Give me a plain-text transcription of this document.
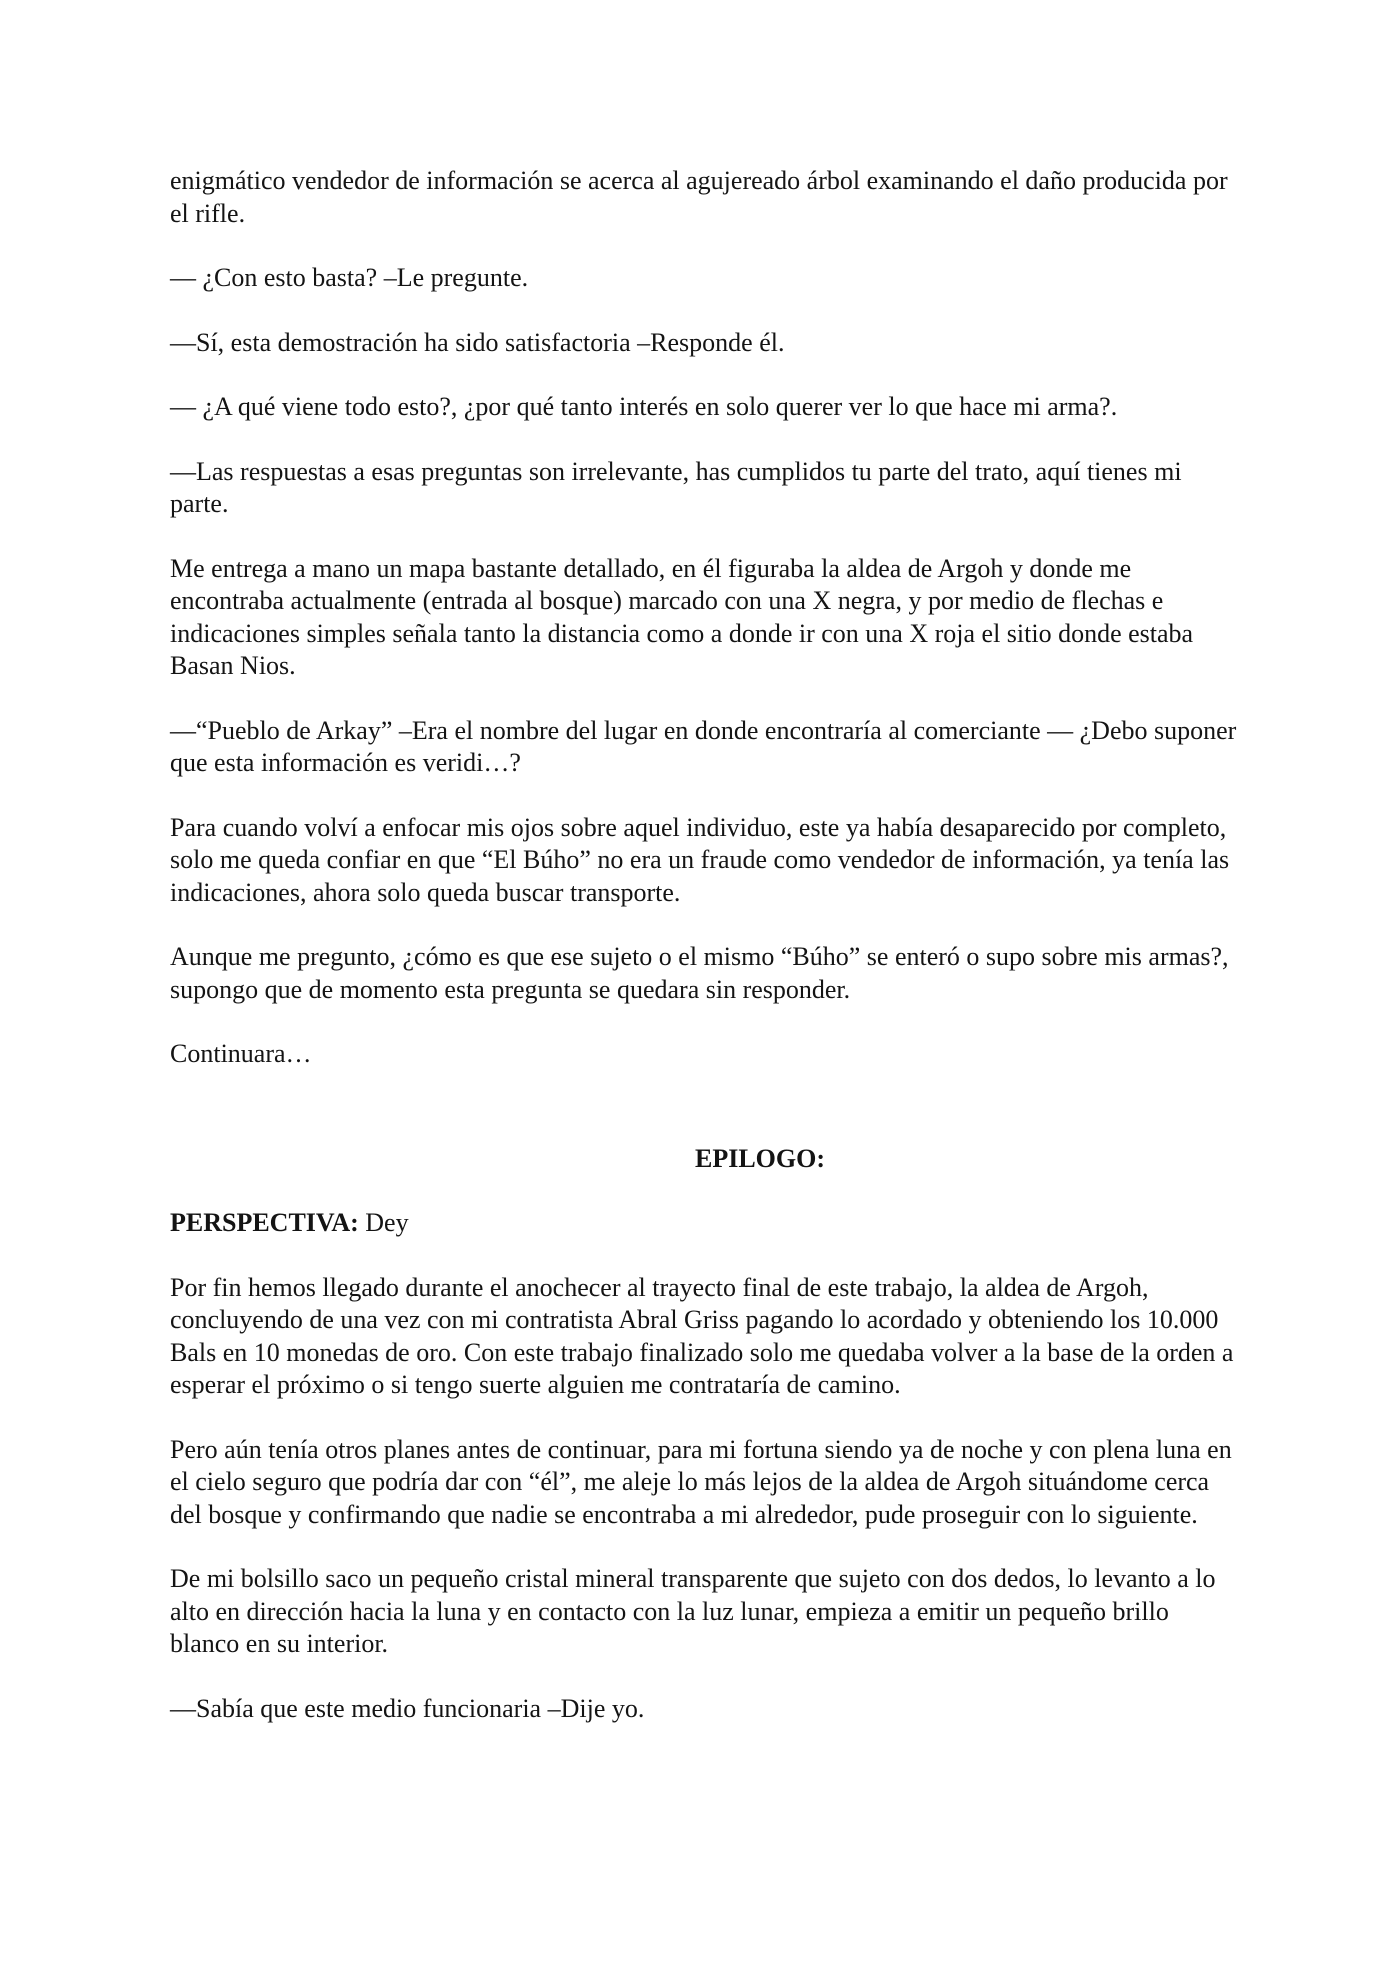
enigmático vendedor de información se acerca al agujereado árbol examinando el daño producida por el rifle.

— ¿Con esto basta? –Le pregunte.

—Sí, esta demostración ha sido satisfactoria –Responde él.

— ¿A qué viene todo esto?, ¿por qué tanto interés en solo querer ver lo que hace mi arma?.

—Las respuestas a esas preguntas son irrelevante, has cumplidos tu parte del trato, aquí tienes mi parte.

Me entrega a mano un mapa bastante detallado, en él figuraba la aldea de Argoh y donde me encontraba actualmente (entrada al bosque) marcado con una X negra, y por medio de flechas e indicaciones simples señala tanto la distancia como a donde ir con una X roja el sitio donde estaba Basan Nios.

—“Pueblo de Arkay” –Era el nombre del lugar en donde encontraría al comerciante — ¿Debo suponer que esta información es veridi…?

Para cuando volví a enfocar mis ojos sobre aquel individuo, este ya había desaparecido por completo, solo me queda confiar en que “El Búho” no era un fraude como vendedor de información, ya tenía las indicaciones, ahora solo queda buscar transporte.

Aunque me pregunto, ¿cómo es que ese sujeto o el mismo “Búho” se enteró o supo sobre mis armas?, supongo que de momento esta pregunta se quedara sin responder.

Continuara…

EPILOGO:

PERSPECTIVA: Dey

Por fin hemos llegado durante el anochecer al trayecto final de este trabajo, la aldea de Argoh, concluyendo de una vez con mi contratista Abral Griss pagando lo acordado y obteniendo los 10.000 Bals en 10 monedas de oro. Con este trabajo finalizado solo me quedaba volver a la base de la orden a esperar el próximo o si tengo suerte alguien me contrataría de camino.

Pero aún tenía otros planes antes de continuar, para mi fortuna siendo ya de noche y con plena luna en el cielo seguro que podría dar con “él”, me aleje lo más lejos de la aldea de Argoh situándome cerca del bosque y confirmando que nadie se encontraba a mi alrededor, pude proseguir con lo siguiente.

De mi bolsillo saco un pequeño cristal mineral transparente que sujeto con dos dedos, lo levanto a lo alto en dirección hacia la luna y en contacto con la luz lunar, empieza a emitir un pequeño brillo blanco en su interior.

—Sabía que este medio funcionaria –Dije yo.
